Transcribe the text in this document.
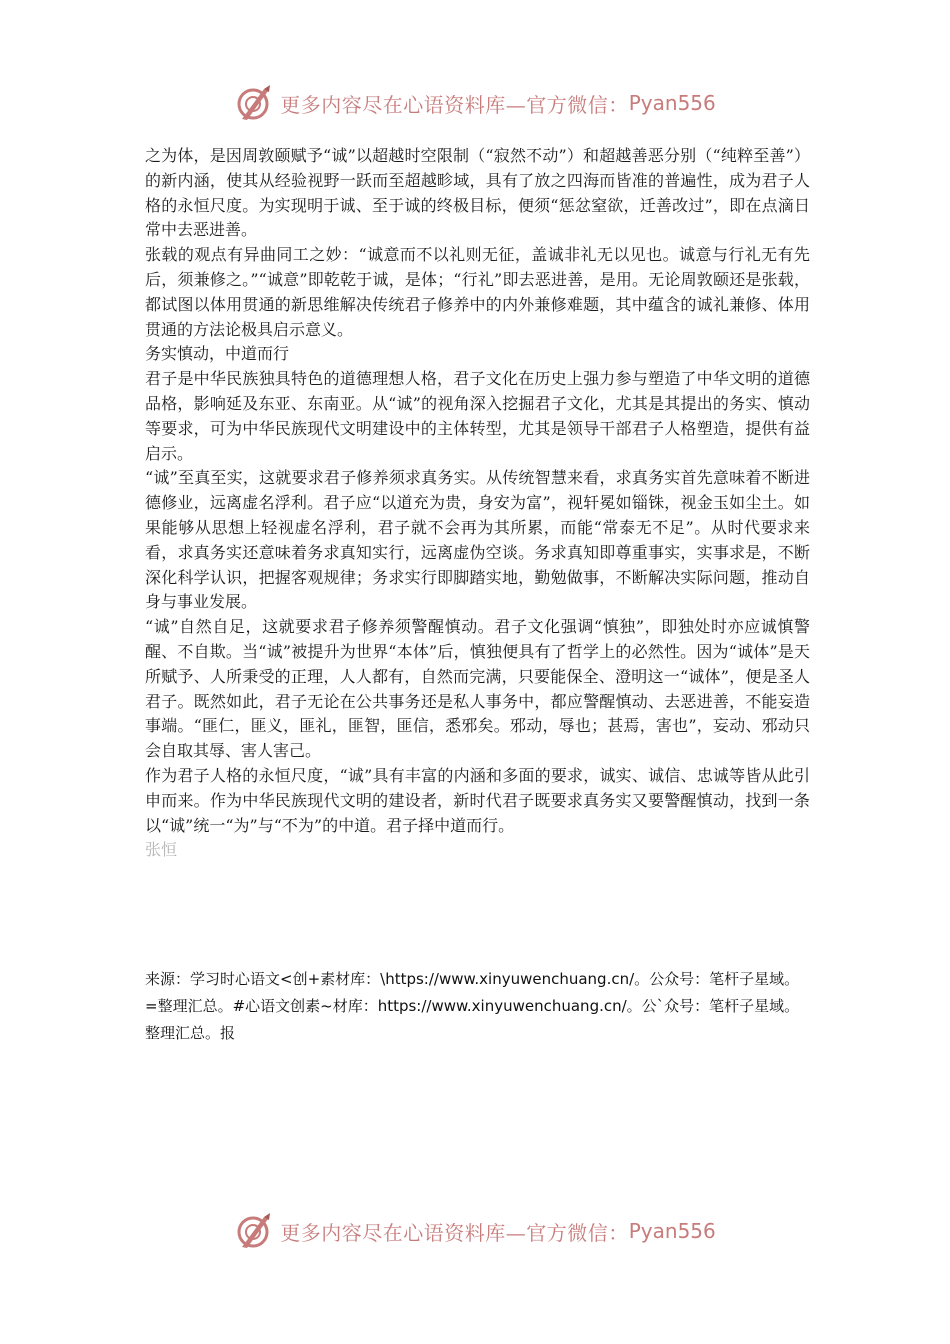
更多内容尽在心语资料库—官方微信： Pyan556

之为体，是因周敦颐赋予“诚”以超越时空限制（“寂然不动”）和超越善恶分别（“纯粹至善”）的新内涵，使其从经验视野一跃而至超越畛域，具有了放之四海而皆准的普遍性，成为君子人格的永恒尺度。为实现明于诚、至于诚的终极目标，便须“惩忿窒欲，迁善改过”，即在点滴日常中去恶进善。

张载的观点有异曲同工之妙：“诚意而不以礼则无征，盖诚非礼无以见也。诚意与行礼无有先后，须兼修之。”“诚意”即乾乾于诚，是体；“行礼”即去恶进善，是用。无论周敦颐还是张载，都试图以体用贯通的新思维解决传统君子修养中的内外兼修难题，其中蕴含的诚礼兼修、体用贯通的方法论极具启示意义。

务实慎动，中道而行

君子是中华民族独具特色的道德理想人格，君子文化在历史上强力参与塑造了中华文明的道德品格，影响延及东亚、东南亚。从“诚”的视角深入挖掘君子文化，尤其是其提出的务实、慎动等要求，可为中华民族现代文明建设中的主体转型，尤其是领导干部君子人格塑造，提供有益启示。

“诚”至真至实，这就要求君子修养须求真务实。从传统智慧来看，求真务实首先意味着不断进德修业，远离虚名浮利。君子应“以道充为贵，身安为富”，视轩冕如锱铢，视金玉如尘土。如果能够从思想上轻视虚名浮利，君子就不会再为其所累，而能“常泰无不足”。从时代要求来看，求真务实还意味着务求真知实行，远离虚伪空谈。务求真知即尊重事实，实事求是，不断深化科学认识，把握客观规律；务求实行即脚踏实地，勤勉做事，不断解决实际问题，推动自身与事业发展。

“诚”自然自足，这就要求君子修养须警醒慎动。君子文化强调“慎独”，即独处时亦应诚慎警醒、不自欺。当“诚”被提升为世界“本体”后，慎独便具有了哲学上的必然性。因为“诚体”是天所赋予、人所秉受的正理，人人都有，自然而完满，只要能保全、澄明这一“诚体”，便是圣人君子。既然如此，君子无论在公共事务还是私人事务中，都应警醒慎动、去恶进善，不能妄造事端。“匪仁，匪义，匪礼，匪智，匪信，悉邪矣。邪动，辱也；甚焉，害也”，妄动、邪动只会自取其辱、害人害己。

作为君子人格的永恒尺度，“诚”具有丰富的内涵和多面的要求，诚实、诚信、忠诚等皆从此引申而来。作为中华民族现代文明的建设者，新时代君子既要求真务实又要警醒慎动，找到一条以“诚”统一“为”与“不为”的中道。君子择中道而行。

张恒

来源：学习时心语文<创+素材库：\https://www.xinyuwenchuang.cn/。公众号：笔杆子星域。=整理汇总。#心语文创素~材库：https://www.xinyuwenchuang.cn/。公`众号：笔杆子星域。整理汇总。报

更多内容尽在心语资料库—官方微信： Pyan556
